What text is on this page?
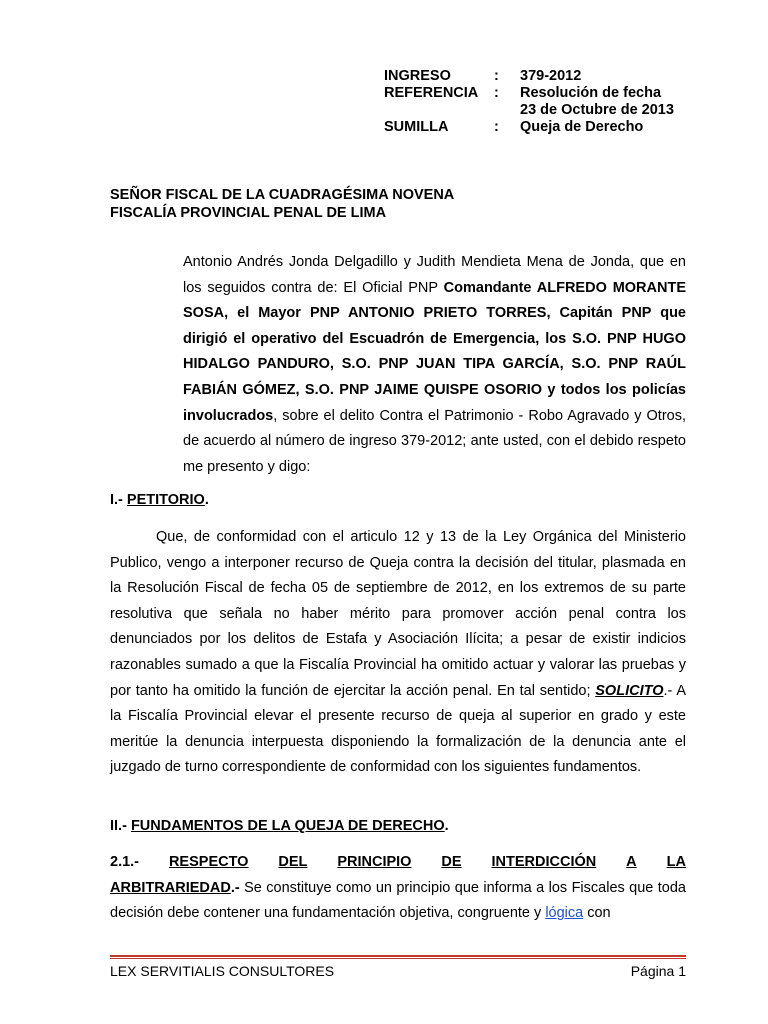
INGRESO	:	379-2012
REFERENCIA	:	Resolución de fecha
23 de Octubre de 2013
SUMILLA	:	Queja de Derecho
SEÑOR FISCAL DE LA CUADRAGÉSIMA NOVENA
FISCALÍA PROVINCIAL PENAL DE LIMA
Antonio Andrés Jonda Delgadillo y Judith Mendieta Mena de Jonda, que en los seguidos contra de: El Oficial PNP Comandante ALFREDO MORANTE SOSA, el Mayor PNP ANTONIO PRIETO TORRES, Capitán PNP que dirigió el operativo del Escuadrón de Emergencia, los S.O. PNP HUGO HIDALGO PANDURO, S.O. PNP JUAN TIPA GARCÍA, S.O. PNP RAÚL FABIÁN GÓMEZ, S.O. PNP JAIME QUISPE OSORIO y todos los policías involucrados, sobre el delito Contra el Patrimonio - Robo Agravado y Otros, de acuerdo al número de ingreso 379-2012; ante usted, con el debido respeto me presento y digo:
I.- PETITORIO.
Que, de conformidad con el articulo 12 y 13 de la Ley Orgánica del Ministerio Publico, vengo a interponer recurso de Queja contra la decisión del titular, plasmada en la Resolución Fiscal de fecha 05 de septiembre de 2012, en los extremos de su parte resolutiva que señala no haber mérito para promover acción penal contra los denunciados por los delitos de Estafa y Asociación Ilícita; a pesar de existir indicios razonables sumado a que la Fiscalía Provincial ha omitido actuar y valorar las pruebas y por tanto ha omitido la función de ejercitar la acción penal. En tal sentido; SOLICITO.- A la Fiscalía Provincial elevar el presente recurso de queja al superior en grado y este meritúe la denuncia interpuesta disponiendo la formalización de la denuncia ante el juzgado de turno correspondiente de conformidad con los siguientes fundamentos.
II.- FUNDAMENTOS DE LA QUEJA DE DERECHO.
2.1.- RESPECTO DEL PRINCIPIO DE INTERDICCIÓN A LA
ARBITRARIEDAD.- Se constituye como un principio que informa a los Fiscales que toda decisión debe contener una fundamentación objetiva, congruente y lógica con
LEX SERVITIALIS CONSULTORES	Página 1
